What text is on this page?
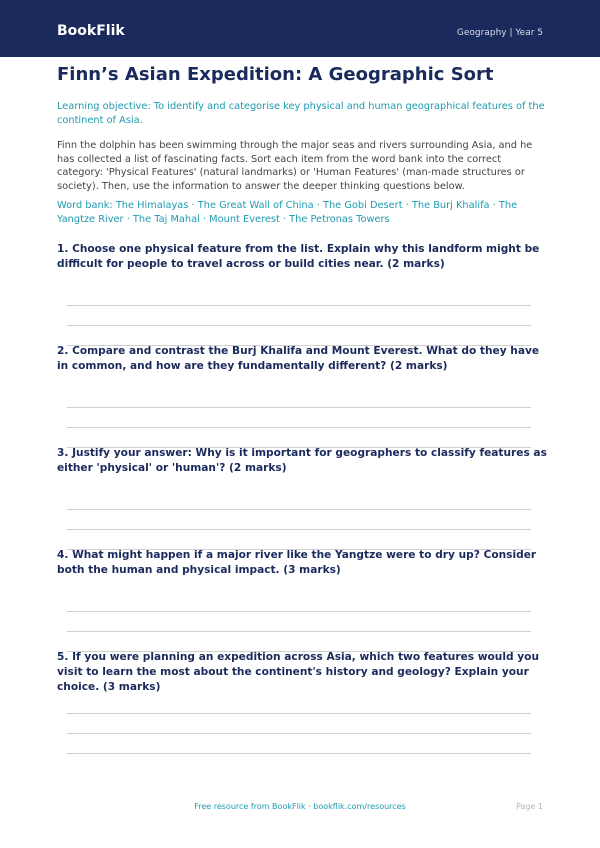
BookFlik	Geography | Year 5
Finn’s Asian Expedition: A Geographic Sort

Learning objective: To identify and categorise key physical and human geographical features of the continent of Asia.

Finn the dolphin has been swimming through the major seas and rivers surrounding Asia, and he has collected a list of fascinating facts. Sort each item from the word bank into the correct category: 'Physical Features' (natural landmarks) or 'Human Features' (man-made structures or society). Then, use the information to answer the deeper thinking questions below.

Word bank: The Himalayas · The Great Wall of China · The Gobi Desert · The Burj Khalifa · The Yangtze River · The Taj Mahal · Mount Everest · The Petronas Towers

1. Choose one physical feature from the list. Explain why this landform might be difficult for people to travel across or build cities near. (2 marks)

2. Compare and contrast the Burj Khalifa and Mount Everest. What do they have in common, and how are they fundamentally different? (2 marks)

3. Justify your answer: Why is it important for geographers to classify features as either 'physical' or 'human'? (2 marks)

4. What might happen if a major river like the Yangtze were to dry up? Consider both the human and physical impact. (3 marks)

5. If you were planning an expedition across Asia, which two features would you visit to learn the most about the continent's history and geology? Explain your choice. (3 marks)

Free resource from BookFlik · bookflik.com/resources	Page 1
